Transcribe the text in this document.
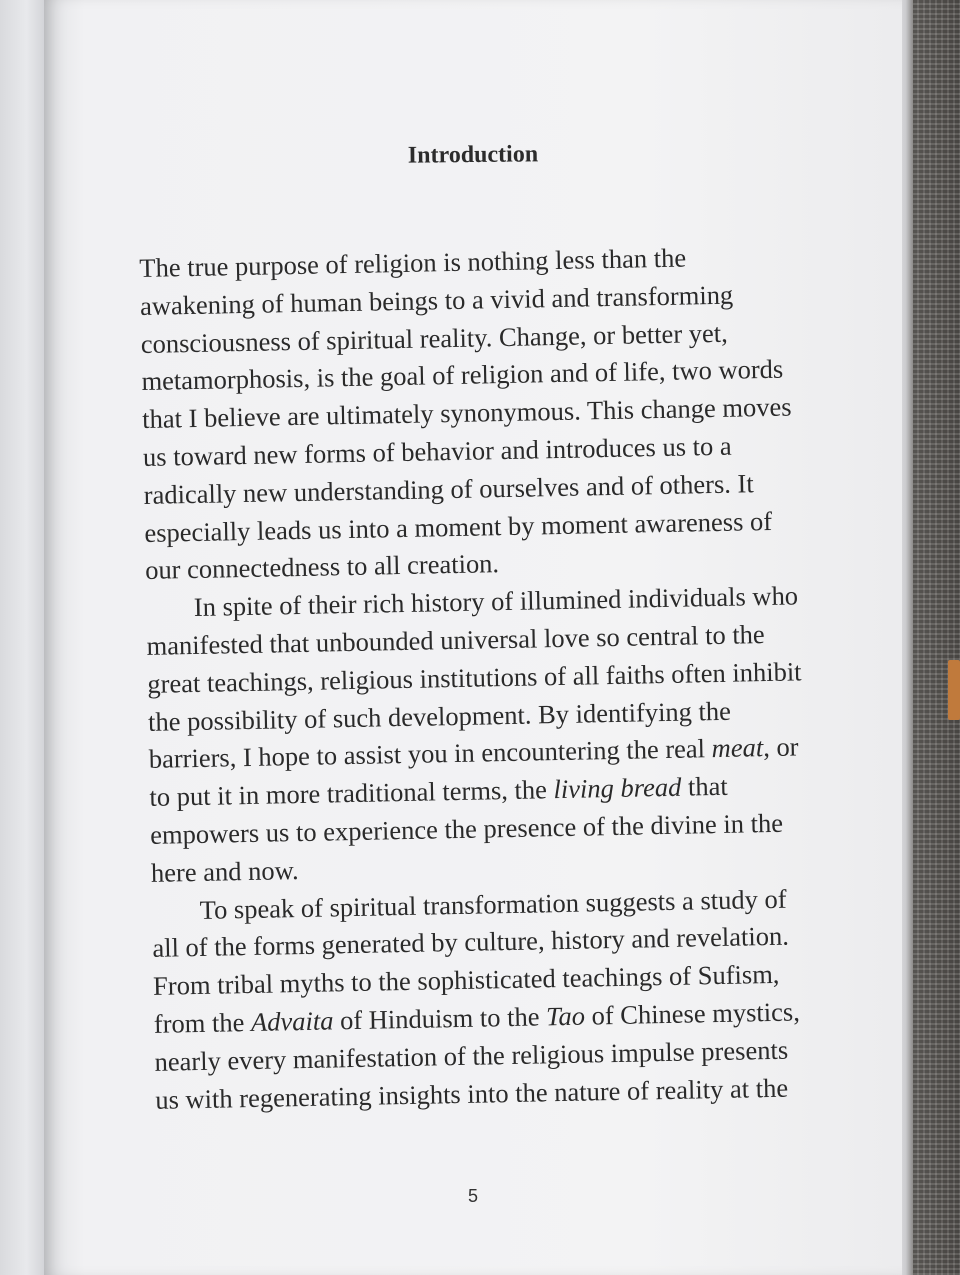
Introduction
The true purpose of religion is nothing less than the
awakening of human beings to a vivid and transforming
consciousness of spiritual reality. Change, or better yet,
metamorphosis, is the goal of religion and of life, two words
that I believe are ultimately synonymous. This change moves
us toward new forms of behavior and introduces us to a
radically new understanding of ourselves and of others. It
especially leads us into a moment by moment awareness of
our connectedness to all creation.
In spite of their rich history of illumined individuals who
manifested that unbounded universal love so central to the
great teachings, religious institutions of all faiths often inhibit
the possibility of such development. By identifying the
barriers, I hope to assist you in encountering the real meat, or
to put it in more traditional terms, the living bread that
empowers us to experience the presence of the divine in the
here and now.
To speak of spiritual transformation suggests a study of
all of the forms generated by culture, history and revelation.
From tribal myths to the sophisticated teachings of Sufism,
from the Advaita of Hinduism to the Tao of Chinese mystics,
nearly every manifestation of the religious impulse presents
us with regenerating insights into the nature of reality at the
5
